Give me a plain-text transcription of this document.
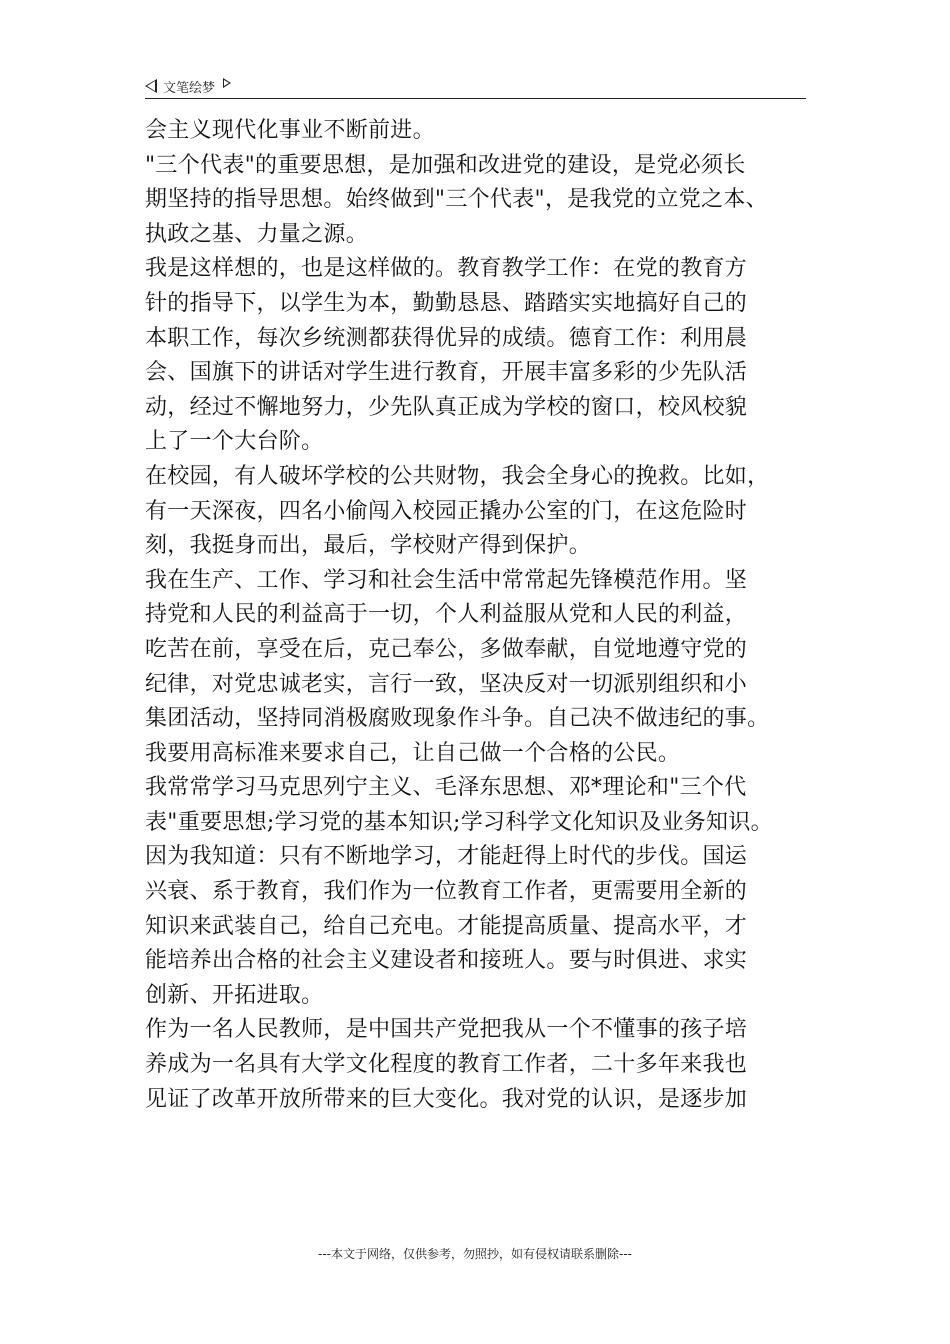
文笔绘梦
会主义现代化事业不断前进。
"三个代表"的重要思想，是加强和改进党的建设，是党必须长
期坚持的指导思想。始终做到"三个代表"，是我党的立党之本、
执政之基、力量之源。
我是这样想的，也是这样做的。教育教学工作：在党的教育方
针的指导下，以学生为本，勤勤恳恳、踏踏实实地搞好自己的
本职工作，每次乡统测都获得优异的成绩。德育工作：利用晨
会、国旗下的讲话对学生进行教育，开展丰富多彩的少先队活
动，经过不懈地努力，少先队真正成为学校的窗口，校风校貌
上了一个大台阶。
在校园，有人破坏学校的公共财物，我会全身心的挽救。比如，
有一天深夜，四名小偷闯入校园正撬办公室的门，在这危险时
刻，我挺身而出，最后，学校财产得到保护。
我在生产、工作、学习和社会生活中常常起先锋模范作用。坚
持党和人民的利益高于一切，个人利益服从党和人民的利益，
吃苦在前，享受在后，克己奉公，多做奉献，自觉地遵守党的
纪律，对党忠诚老实，言行一致，坚决反对一切派别组织和小
集团活动，坚持同消极腐败现象作斗争。自己决不做违纪的事。
我要用高标准来要求自己，让自己做一个合格的公民。
我常常学习马克思列宁主义、毛泽东思想、邓*理论和"三个代
表"重要思想;学习党的基本知识;学习科学文化知识及业务知识。
因为我知道：只有不断地学习，才能赶得上时代的步伐。国运
兴衰、系于教育，我们作为一位教育工作者，更需要用全新的
知识来武装自己，给自己充电。才能提高质量、提高水平，才
能培养出合格的社会主义建设者和接班人。要与时俱进、求实
创新、开拓进取。
作为一名人民教师，是中国共产党把我从一个不懂事的孩子培
养成为一名具有大学文化程度的教育工作者，二十多年来我也
见证了改革开放所带来的巨大变化。我对党的认识，是逐步加
---本文于网络，仅供参考，勿照抄，如有侵权请联系删除---
